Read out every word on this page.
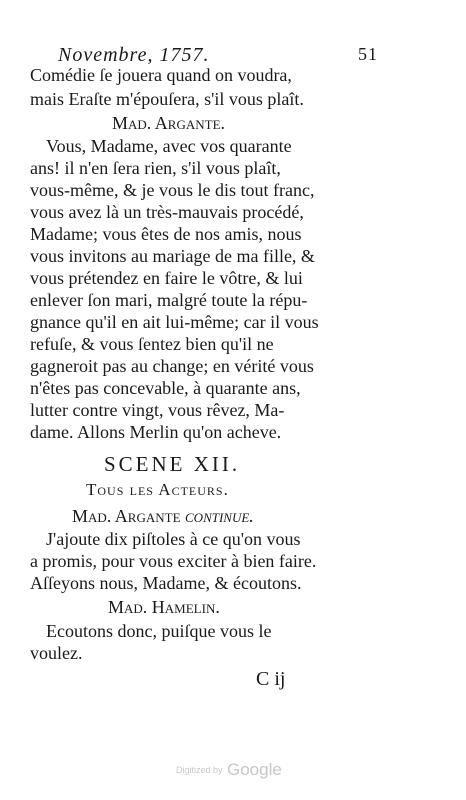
Novembre, 1757.	51
Comédie ſe jouera quand on voudra,
mais Eraſte m'épouſera, s'il vous plaît.
Mad. Argante.
Vous, Madame, avec vos quarante
ans! il n'en ſera rien, s'il vous plaît,
vous-même, & je vous le dis tout franc,
vous avez là un très-mauvais procédé,
Madame; vous êtes de nos amis, nous
vous invitons au mariage de ma fille, &
vous prétendez en faire le vôtre, & lui
enlever ſon mari, malgré toute la répu-
gnance qu'il en ait lui-même; car il vous
refuſe, & vous ſentez bien qu'il ne
gagneroit pas au change; en vérité vous
n'êtes pas concevable, à quarante ans,
lutter contre vingt, vous rêvez, Ma-
dame. Allons Merlin qu'on acheve.
SCENE XII.
Tous les Acteurs.
Mad. Argante continue.
J'ajoute dix piſtoles à ce qu'on vous
a promis, pour vous exciter à bien faire.
Aſſeyons nous, Madame, & écoutons.
Mad. Hamelin.
Ecoutons donc, puiſque vous le
voulez.
C ij
Digitized by Google
